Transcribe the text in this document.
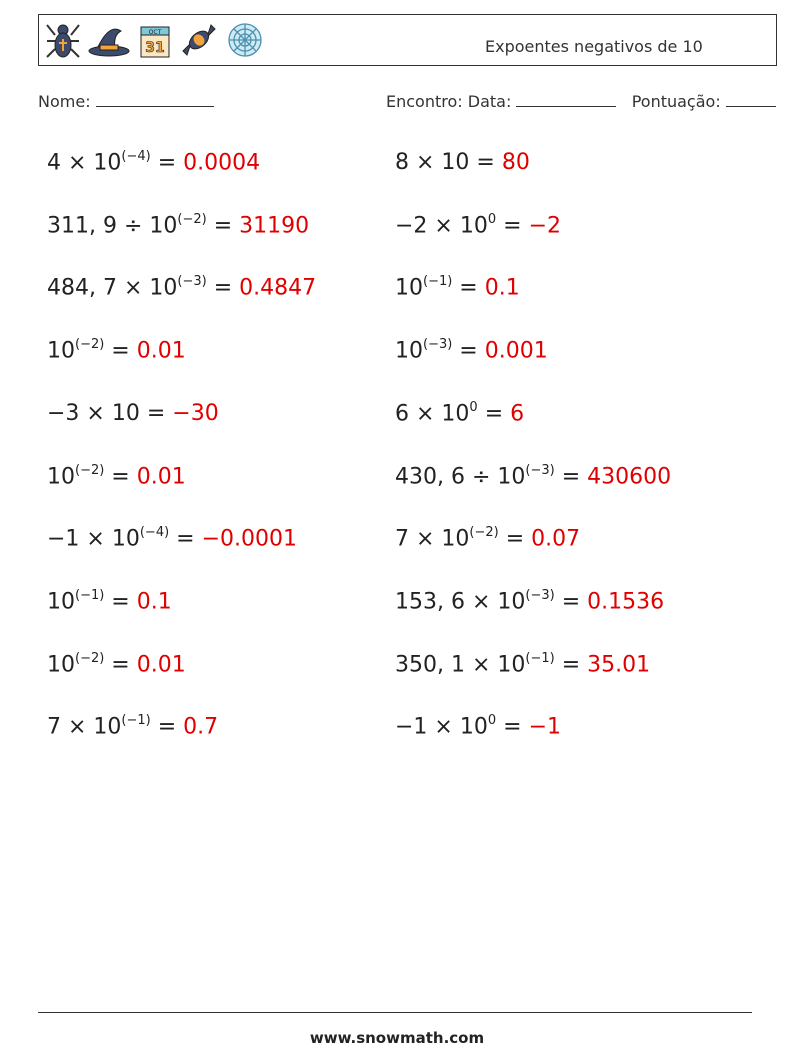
OCT
31	Expoentes negativos de 10
Nome:	Encontro: Data:	Pontuação:
$4 \times 10^{(-4)} = 0.0004$	8 × 10 = 80
311, $9 \div 10^{(-2)} = 31190$	$-2 \times 10^0 = -2$
484, $7 \times 10^{(-3)} = 0.4847$	$10^{(-1)} = 0.1$
$10^{(-2)} = 0.01$	$10^{(-3)} = 0.001$
−3 × 10 = −30	$6 \times 10^0 = 6$
$10^{(-2)} = 0.01$	430, $6 \div 10^{(-3)} = 430600$
$-1 \times 10^{(-4)} = -0.0001$	$7 \times 10^{(-2)} = 0.07$
$10^{(-1)} = 0.1$	153, $6 \times 10^{(-3)} = 0.1536$
$10^{(-2)} = 0.01$	350, $1 \times 10^{(-1)} = 35.01$
$7 \times 10^{(-1)} = 0.7$	$-1 \times 10^0 = -1$
www.snowmath.com
